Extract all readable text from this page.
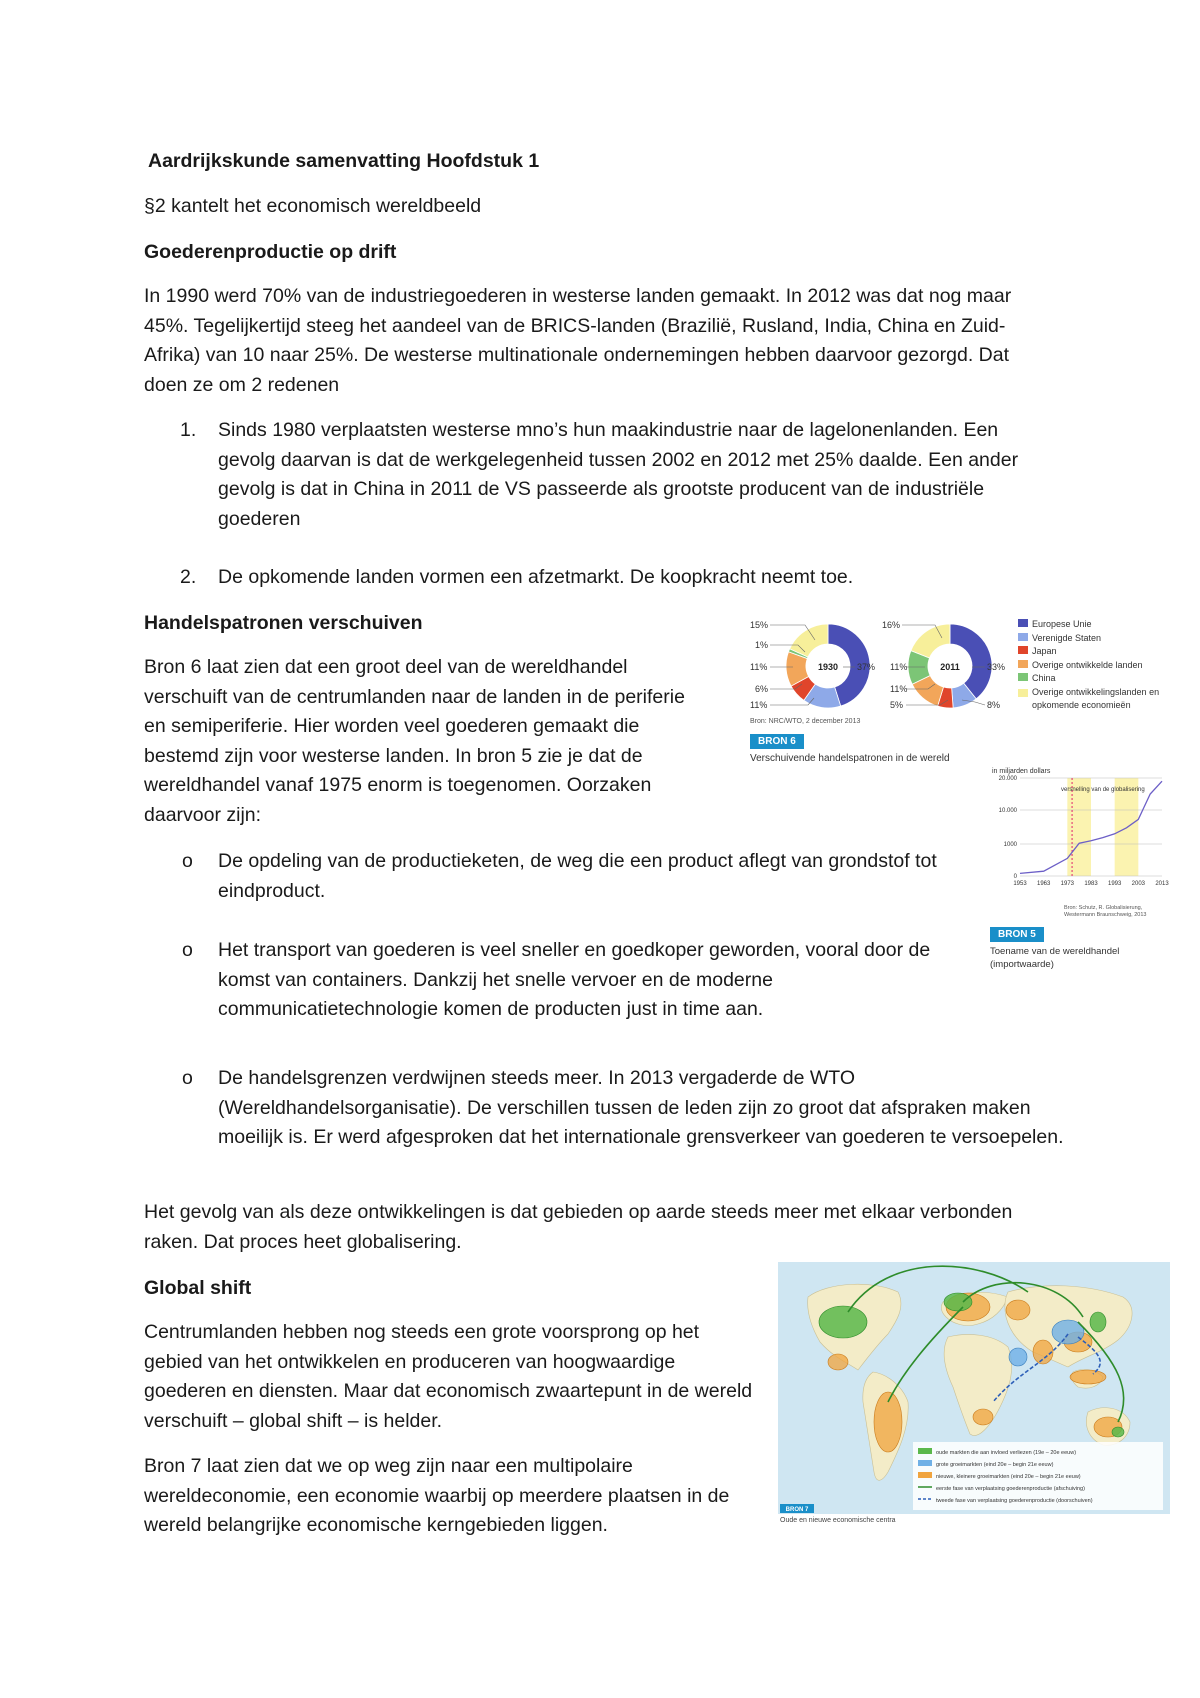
Aardrijkskunde samenvatting Hoofdstuk 1

§2 kantelt het economisch wereldbeeld

Goederenproductie op drift

In 1990 werd 70% van de industriegoederen in westerse landen gemaakt. In 2012 was dat nog maar 45%. Tegelijkertijd steeg het aandeel van de BRICS-landen (Brazilië, Rusland, India, China en Zuid-Afrika) van 10 naar 25%. De westerse multinationale ondernemingen hebben daarvoor gezorgd. Dat doen ze om 2 redenen

1. Sinds 1980 verplaatsten westerse mno’s hun maakindustrie naar de lagelonenlanden. Een gevolg daarvan is dat de werkgelegenheid tussen 2002 en 2012 met 25% daalde. Een ander gevolg is dat in China in 2011 de VS passeerde als grootste producent van de industriële goederen

2. De opkomende landen vormen een afzetmarkt. De koopkracht neemt toe.

Handelspatronen verschuiven

Bron 6 laat zien dat een groot deel van de wereldhandel verschuift van de centrumlanden naar de landen in de periferie en semiperiferie. Hier worden veel goederen gemaakt die bestemd zijn voor westerse landen. In bron 5 zie je dat de wereldhandel vanaf 1975 enorm is toegenomen. Oorzaken daarvoor zijn:

o De opdeling van de productieketen, de weg die een product aflegt van grondstof tot eindproduct.

o Het transport van goederen is veel sneller en goedkoper geworden, vooral door de komst van containers. Dankzij het snelle vervoer en de moderne communicatietechnologie komen de producten just in time aan.

o De handelsgrenzen verdwijnen steeds meer. In 2013 vergaderde de WTO (Wereldhandelsorganisatie). De verschillen tussen de leden zijn zo groot dat afspraken maken moeilijk is. Er werd afgesproken dat het internationale grensverkeer van goederen te versoepelen.

Het gevolg van als deze ontwikkelingen is dat gebieden op aarde steeds meer met elkaar verbonden raken. Dat proces heet globalisering.

Global shift

Centrumlanden hebben nog steeds een grote voorsprong op het gebied van het ontwikkelen en produceren van hoogwaardige goederen en diensten. Maar dat economisch zwaartepunt in de wereld verschuift – global shift – is helder.

Bron 7 laat zien dat we op weg zijn naar een multipolaire wereldeconomie, een economie waarbij op meerdere plaatsen in de wereld belangrijke economische kerngebieden liggen.

15%
1%
11%
6%
11%
37%
16%
11%
11%
5%
33%
8%
1930	2011
Europese Unie
Verenigde Staten
Japan
Overige ontwikkelde landen
China
Overige ontwikkelingslanden en opkomende economieën
Bron: NRC/WTO, 2 december 2013
BRON 6
Verschuivende handelspatronen in de wereld
in miljarden dollars
0
1000
10.000
20.000
1953 1963 1973 1983 1993 2003 2013
versnelling van de globalisering
Bron: Schutz, R. Globalisierung, Westermann Braunschweig, 2013
BRON 5
Toename van de wereldhandel (importwaarde)
oude markten die aan invloed verliezen (19e – 20e eeuw)
grote groeimarkten (eind 20e – begin 21e eeuw)
nieuwe, kleinere groeimarkten (eind 20e – begin 21e eeuw)
eerste fase van verplaatsing goederenproductie (afschuiving)
tweede fase van verplaatsing goederenproductie (doorschuiven)
BRON 7
Oude en nieuwe economische centra
